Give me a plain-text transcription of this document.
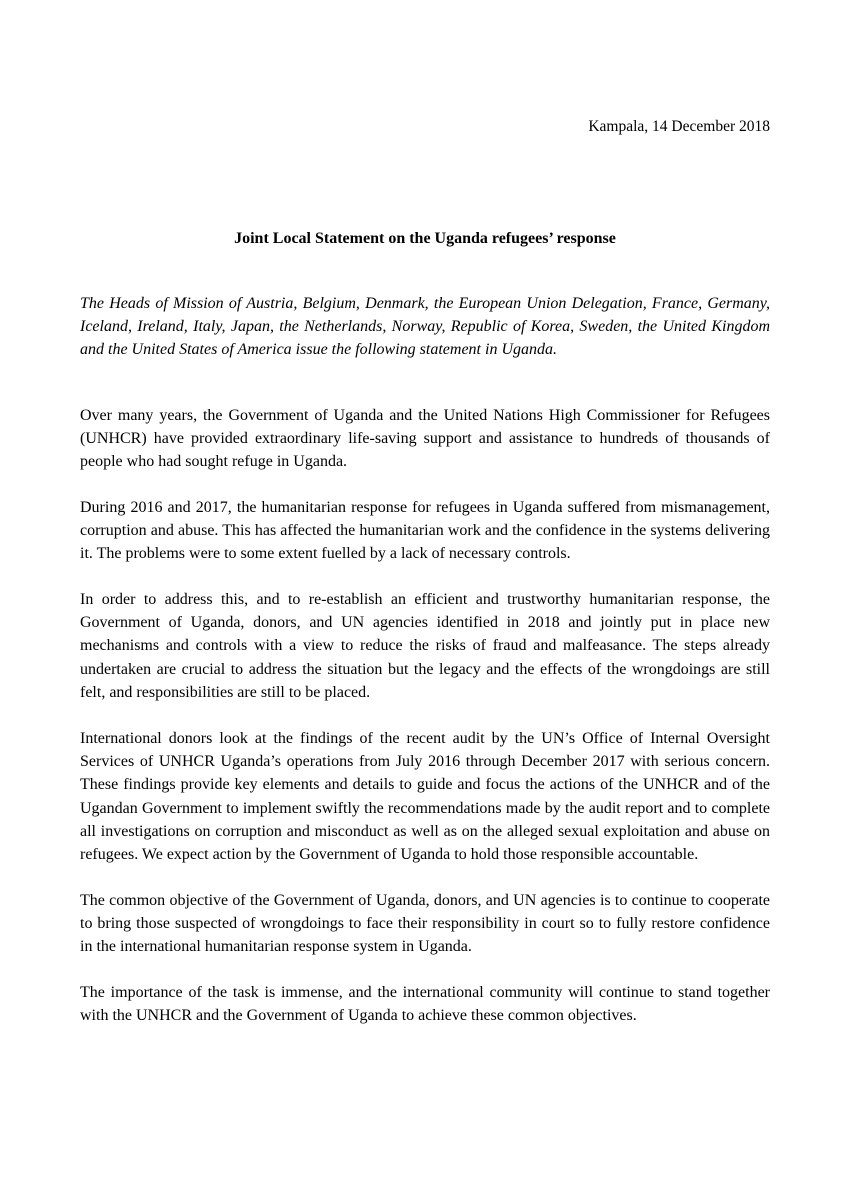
Kampala, 14 December 2018
Joint Local Statement on the Uganda refugees’ response
The Heads of Mission of Austria, Belgium, Denmark, the European Union Delegation, France, Germany, Iceland, Ireland, Italy, Japan, the Netherlands, Norway, Republic of Korea, Sweden, the United Kingdom and the United States of America issue the following statement in Uganda.

Over many years, the Government of Uganda and the United Nations High Commissioner for Refugees (UNHCR) have provided extraordinary life-saving support and assistance to hundreds of thousands of people who had sought refuge in Uganda.

During 2016 and 2017, the humanitarian response for refugees in Uganda suffered from mismanagement, corruption and abuse. This has affected the humanitarian work and the confidence in the systems delivering it. The problems were to some extent fuelled by a lack of necessary controls.

In order to address this, and to re-establish an efficient and trustworthy humanitarian response, the Government of Uganda, donors, and UN agencies identified in 2018 and jointly put in place new mechanisms and controls with a view to reduce the risks of fraud and malfeasance. The steps already undertaken are crucial to address the situation but the legacy and the effects of the wrongdoings are still felt, and responsibilities are still to be placed.

International donors look at the findings of the recent audit by the UN’s Office of Internal Oversight Services of UNHCR Uganda’s operations from July 2016 through December 2017 with serious concern. These findings provide key elements and details to guide and focus the actions of the UNHCR and of the Ugandan Government to implement swiftly the recommendations made by the audit report and to complete all investigations on corruption and misconduct as well as on the alleged sexual exploitation and abuse on refugees. We expect action by the Government of Uganda to hold those responsible accountable.

The common objective of the Government of Uganda, donors, and UN agencies is to continue to cooperate to bring those suspected of wrongdoings to face their responsibility in court so to fully restore confidence in the international humanitarian response system in Uganda.

The importance of the task is immense, and the international community will continue to stand together with the UNHCR and the Government of Uganda to achieve these common objectives.
